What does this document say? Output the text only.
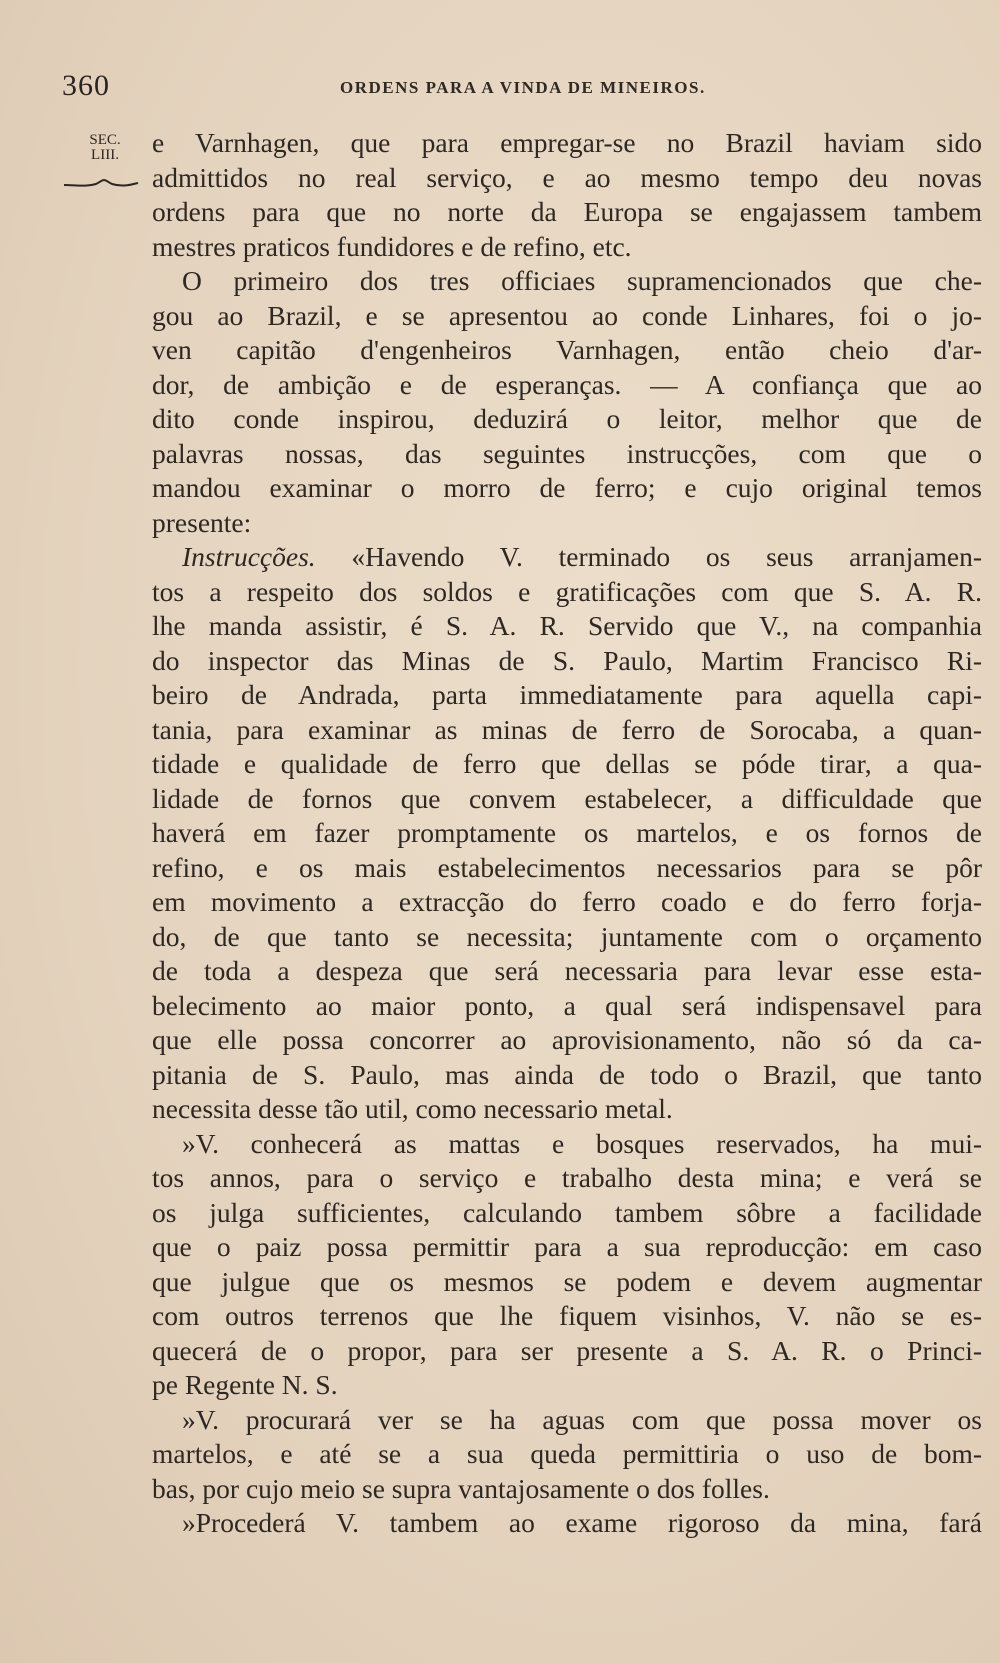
360	ORDENS PARA A VINDA DE MINEIROS.
SEC.
LIII.	e Varnhagen, que para empregar-se no Brazil haviam sido
admittidos no real serviço, e ao mesmo tempo deu novas
ordens para que no norte da Europa se engajassem tambem
mestres praticos fundidores e de refino, etc.
O primeiro dos tres officiaes supramencionados que che-
gou ao Brazil, e se apresentou ao conde Linhares, foi o jo-
ven capitão d'engenheiros Varnhagen, então cheio d'ar-
dor, de ambição e de esperanças. — A confiança que ao
dito conde inspirou, deduzirá o leitor, melhor que de
palavras nossas, das seguintes instrucções, com que o
mandou examinar o morro de ferro; e cujo original temos
presente:
Instrucções. «Havendo V. terminado os seus arranjamen-
tos a respeito dos soldos e gratificações com que S. A. R.
lhe manda assistir, é S. A. R. Servido que V., na companhia
do inspector das Minas de S. Paulo, Martim Francisco Ri-
beiro de Andrada, parta immediatamente para aquella capi-
tania, para examinar as minas de ferro de Sorocaba, a quan-
tidade e qualidade de ferro que dellas se póde tirar, a qua-
lidade de fornos que convem estabelecer, a difficuldade que
haverá em fazer promptamente os martelos, e os fornos de
refino, e os mais estabelecimentos necessarios para se pôr
em movimento a extracção do ferro coado e do ferro forja-
do, de que tanto se necessita; juntamente com o orçamento
de toda a despeza que será necessaria para levar esse esta-
belecimento ao maior ponto, a qual será indispensavel para
que elle possa concorrer ao aprovisionamento, não só da ca-
pitania de S. Paulo, mas ainda de todo o Brazil, que tanto
necessita desse tão util, como necessario metal.
»V. conhecerá as mattas e bosques reservados, ha mui-
tos annos, para o serviço e trabalho desta mina; e verá se
os julga sufficientes, calculando tambem sôbre a facilidade
que o paiz possa permittir para a sua reproducção: em caso
que julgue que os mesmos se podem e devem augmentar
com outros terrenos que lhe fiquem visinhos, V. não se es-
quecerá de o propor, para ser presente a S. A. R. o Princi-
pe Regente N. S.
»V. procurará ver se ha aguas com que possa mover os
martelos, e até se a sua queda permittiria o uso de bom-
bas, por cujo meio se supra vantajosamente o dos folles.
»Procederá V. tambem ao exame rigoroso da mina, fará
